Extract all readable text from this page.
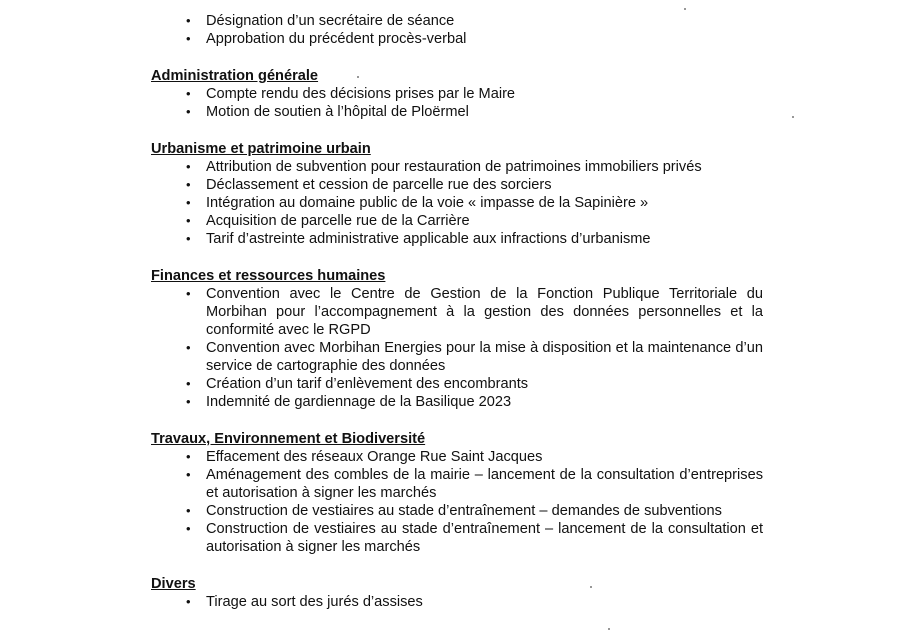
•	Désignation d’un secrétaire de séance
•	Approbation du précédent procès-verbal
Administration générale
•	Compte rendu des décisions prises par le Maire
•	Motion de soutien à l’hôpital de Ploërmel
Urbanisme et patrimoine urbain
•	Attribution de subvention pour restauration de patrimoines immobiliers privés
•	Déclassement et cession de parcelle rue des sorciers
•	Intégration au domaine public de la voie « impasse de la Sapinière »
•	Acquisition de parcelle rue de la Carrière
•	Tarif d’astreinte administrative applicable aux infractions d’urbanisme
Finances et ressources humaines
•	Convention avec le Centre de Gestion de la Fonction Publique Territoriale du Morbihan pour l’accompagnement à la gestion des données personnelles et la conformité avec le RGPD
•	Convention avec Morbihan Energies pour la mise à disposition et la maintenance d’un service de cartographie des données
•	Création d’un tarif d’enlèvement des encombrants
•	Indemnité de gardiennage de la Basilique 2023
Travaux, Environnement et Biodiversité
•	Effacement des réseaux Orange Rue Saint Jacques
•	Aménagement des combles de la mairie – lancement de la consultation d’entreprises et autorisation à signer les marchés
•	Construction de vestiaires au stade d’entraînement – demandes de subventions
•	Construction de vestiaires au stade d’entraînement – lancement de la consultation et autorisation à signer les marchés
Divers
•	Tirage au sort des jurés d’assises
